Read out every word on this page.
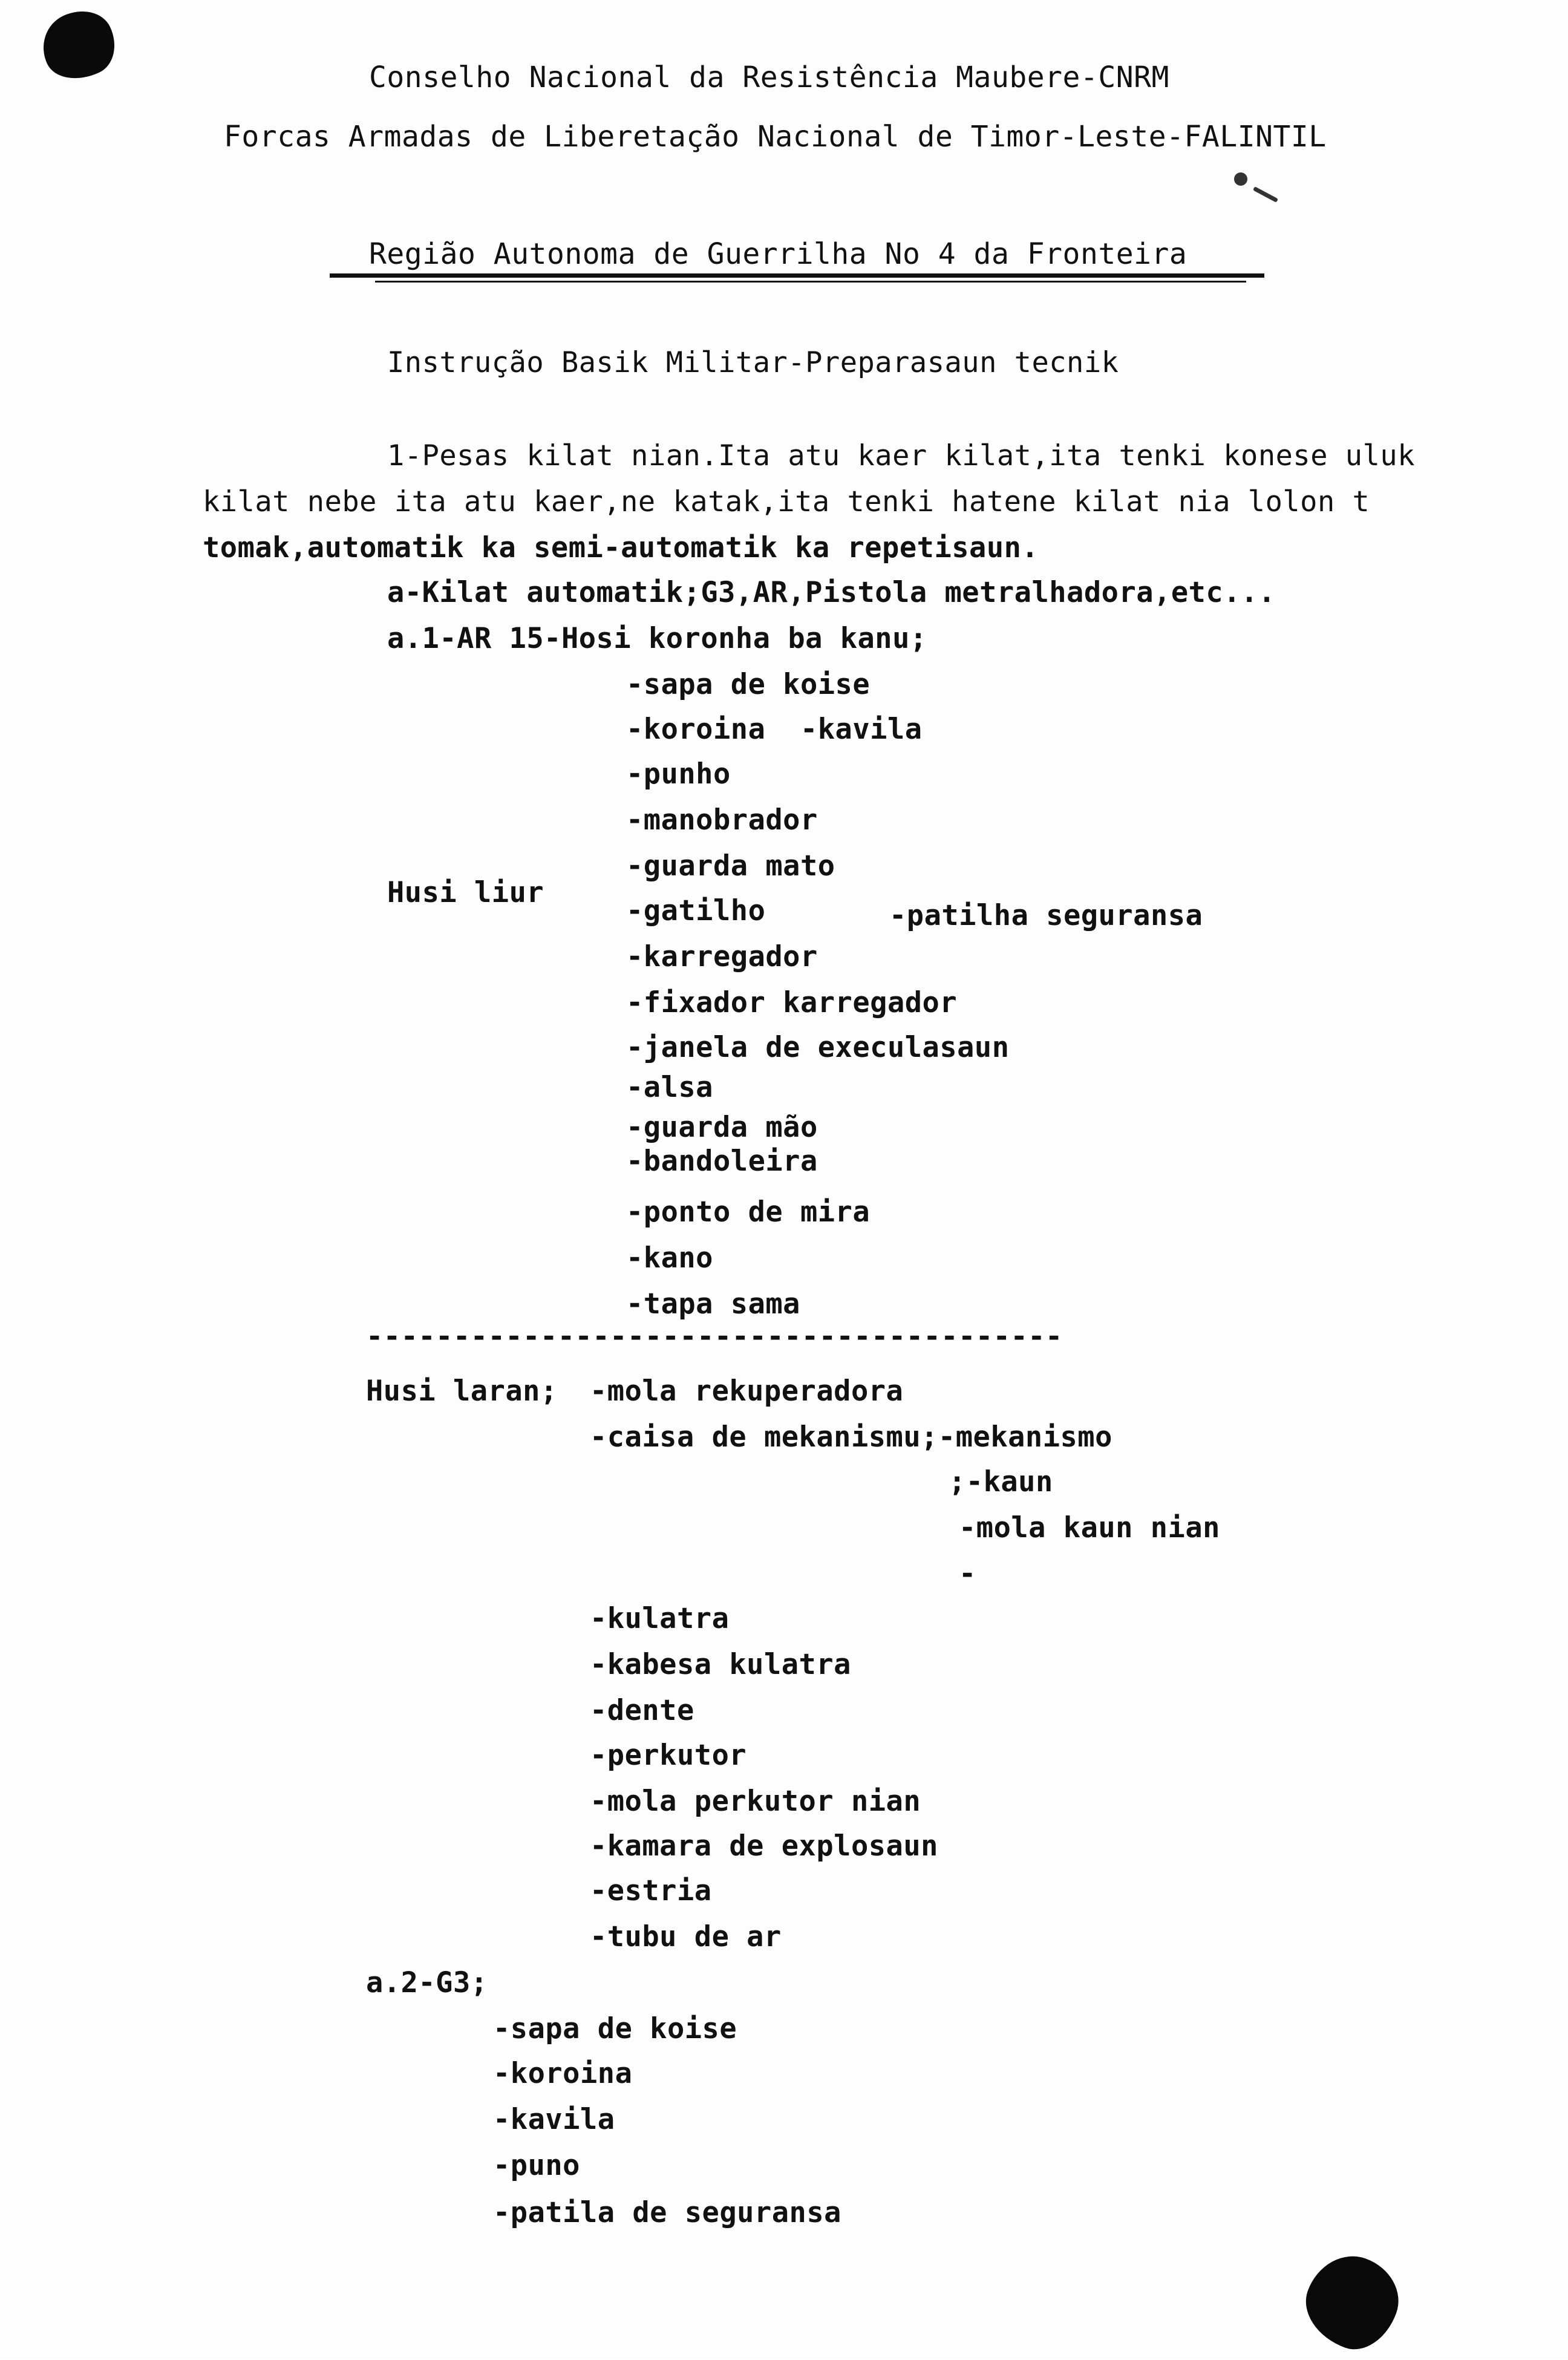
Conselho Nacional da Resistência Maubere-CNRM
Forcas Armadas de Liberetação Nacional de Timor-Leste-FALINTIL
Região Autonoma de Guerrilha No 4 da Fronteira
Instrução Basik Militar-Preparasaun tecnik
1-Pesas kilat nian.Ita atu kaer kilat,ita tenki konese uluk
kilat nebe ita atu kaer,ne katak,ita tenki hatene kilat nia lolon t
tomak,automatik ka semi-automatik ka repetisaun.
a-Kilat automatik;G3,AR,Pistola metralhadora,etc...
a.1-AR 15-Hosi koronha ba kanu;
Husi liur
-sapa de koise
-koroina  -kavila
-punho
-manobrador
-guarda mato
-gatilho
-karregador
-fixador karregador
-janela de execulasaun
-alsa
-guarda mão
-bandoleira
-ponto de mira
-kano
-tapa sama
-patilha seguransa
----------------------------------------
Husi laran; -mola rekuperadora
-caisa de mekanismu;-mekanismo
;-kaun
-mola kaun nian
-
-kulatra
-kabesa kulatra
-dente
-perkutor
-mola perkutor nian
-kamara de explosaun
-estria
-tubu de ar
a.2-G3;
-sapa de koise
-koroina
-kavila
-puno
-patila de seguransa
